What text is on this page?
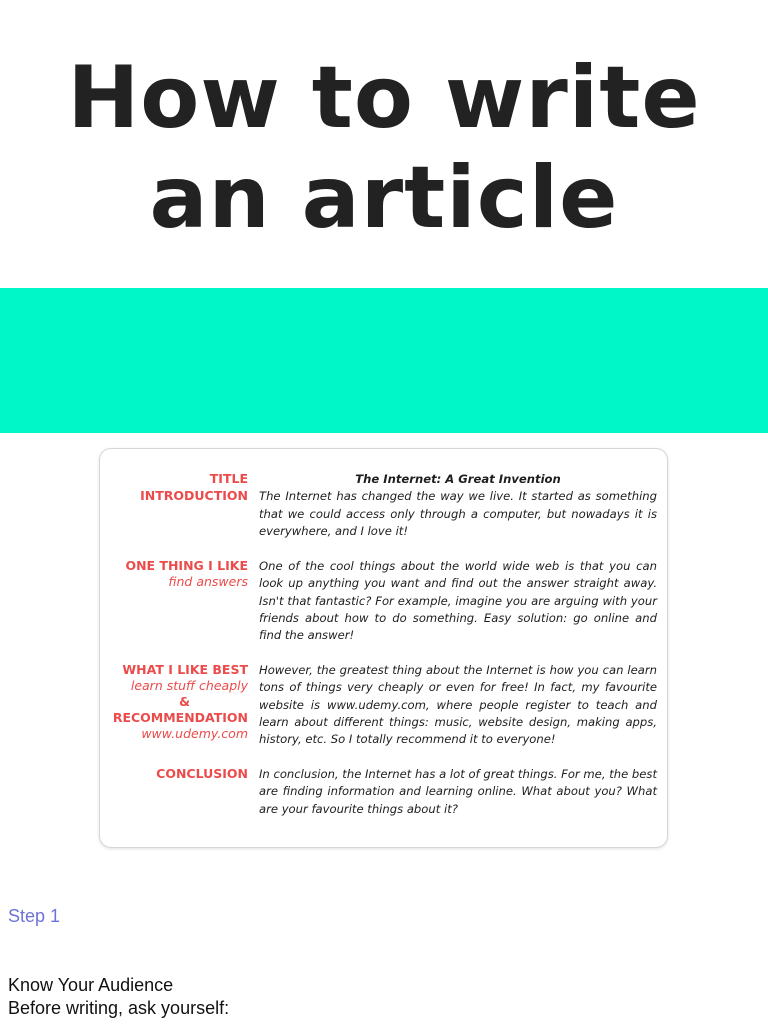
How to write
an article
TITLE
INTRODUCTION
The Internet: A Great Invention
The Internet has changed the way we live. It started as something that we could access only through a computer, but nowadays it is everywhere, and I love it!
ONE THING I LIKE
find answers
One of the cool things about the world wide web is that you can look up anything you want and find out the answer straight away. Isn't that fantastic? For example, imagine you are arguing with your friends about how to do something. Easy solution: go online and find the answer!
WHAT I LIKE BEST
learn stuff cheaply
&
RECOMMENDATION
www.udemy.com
However, the greatest thing about the Internet is how you can learn tons of things very cheaply or even for free! In fact, my favourite website is www.udemy.com, where people register to teach and learn about different things: music, website design, making apps, history, etc. So I totally recommend it to everyone!
CONCLUSION In conclusion, the Internet has a lot of great things. For me, the best are finding information and learning online. What about you? What are your favourite things about it?

Step 1

Know Your Audience

Before writing, ask yourself:
